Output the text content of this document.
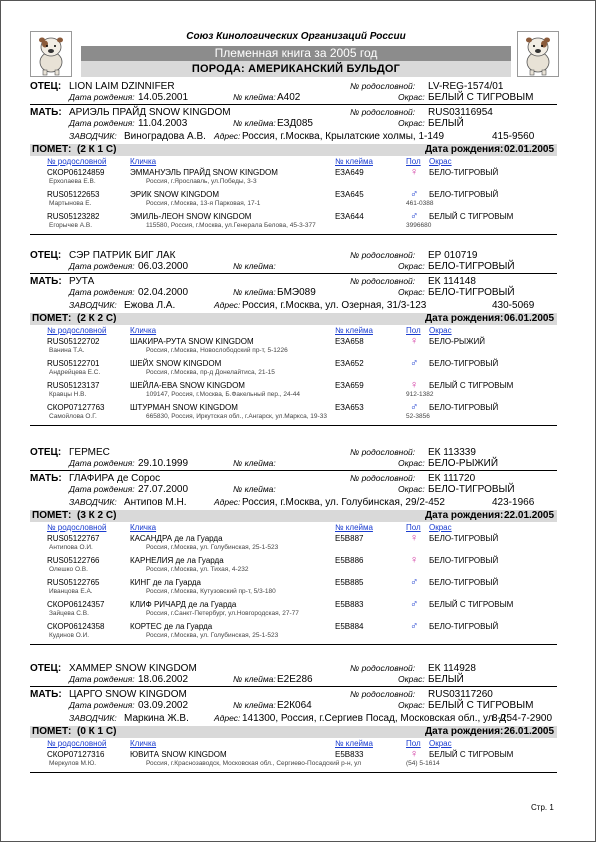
Союз Кинологических Организаций России
Племенная книга за 2005 год
ПОРОДА: АМЕРИКАНСКИЙ БУЛЬДОГ
ОТЕЦ: LION LAIM DZINNIFER	№ родословной: LV-REG-1574/01
Дата рождения: 14.05.2001	№ клейма: A402	Окрас: БЕЛЫЙ С ТИГРОВЫМ
МАТЬ: АРИЭЛЬ ПРАЙД SNOW KINGDOM	№ родословной: RUS03116954
Дата рождения: 11.04.2003	№ клейма: ЕЗД085	Окрас: БЕЛЫЙ
ЗАВОДЧИК: Виноградова А.В. Адрес: Россия, г.Москва, Крылатские холмы, 1-149	415-9560
ПОМЕТ: (2 К 1 С)	Дата рождения: 02.01.2005
№ родословной	Кличка	№ клейма	Пол Окрас
СКОР06124859	ЭММАНУЭЛЬ ПРАЙД SNOW KINGDOM	ЕЗА649	♀ БЕЛО-ТИГРОВЫЙ
Ерхолаева Е.В.	Россия, г.Ярославль, ул.Победы, 3-3
RUS05122653	ЭРИК SNOW KINGDOM	ЕЗА645	♂ БЕЛО-ТИГРОВЫЙ
Мартынова Е.	Россия, г.Москва, 13-я Парковая, 17-1	461-0388
RUS05123282	ЭМИЛЬ-ЛЕОН SNOW KINGDOM	ЕЗА644	♂ БЕЛЫЙ С ТИГРОВЫМ
Егорычев А.В.	115580, Россия, г.Москва, ул.Генерала Белова, 45-3-377	3996680
ОТЕЦ: СЭР ПАТРИК БИГ ЛАК	№ родословной: ЕР 010719
Дата рождения: 06.03.2000	№ клейма:	Окрас: БЕЛО-ТИГРОВЫЙ
МАТЬ: РУТА	№ родословной: ЕК 114148
Дата рождения: 02.04.2000	№ клейма: БМЭ089	Окрас: БЕЛО-ТИГРОВЫЙ
ЗАВОДЧИК: Ежова Л.А.	Адрес: Россия, г.Москва, ул. Озерная, 31/3-123	430-5069
ПОМЕТ: (2 К 2 С)	Дата рождения: 06.01.2005
№ родословной	Кличка	№ клейма	Пол Окрас
RUS05122702	ШАКИРА-РУТА SNOW KINGDOM	ЕЗА658	♀ БЕЛО-РЫЖИЙ
Ванина Т.А.	Россия, г.Москва, Новослободский пр-т, 5-1226
RUS05122701	ШЕЙХ SNOW KINGDOM	ЕЗА652	♂ БЕЛО-ТИГРОВЫЙ
Андрейцева Е.С.	Россия, г.Москва, пр-д Донелайтиса, 21-15
RUS05123137	ШЕЙЛА-ЕВА SNOW KINGDOM	ЕЗА659	♀ БЕЛЫЙ С ТИГРОВЫМ
Кравцы Н.В.	109147, Россия, г.Москва, Б.Факельный пер., 24-44	912-1382
СКОР07127763	ШТУРМАН SNOW KINGDOM	ЕЗА653	♂ БЕЛО-ТИГРОВЫЙ
Самойлова О.Г.	665830, Россия, Иркутская обл., г.Ангарск, ул.Маркса, 19-33	52-3856
ОТЕЦ: ГЕРМЕС	№ родословной: ЕК 113339
Дата рождения: 29.10.1999	№ клейма:	Окрас: БЕЛО-РЫЖИЙ
МАТЬ: ГЛАФИРА де Сорос	№ родословной: ЕК 111720
Дата рождения: 27.07.2000	№ клейма:	Окрас: БЕЛО-ТИГРОВЫЙ
ЗАВОДЧИК: Антипов М.Н.	Адрес: Россия, г.Москва, ул. Голубинская, 29/2-452	423-1966
ПОМЕТ: (3 К 2 С)	Дата рождения: 22.01.2005
№ родословной	Кличка	№ клейма	Пол Окрас
RUS05122767	КАСАНДРА де ла Гуарда	Е5В887	♀ БЕЛО-ТИГРОВЫЙ
Антипова О.И.	Россия, г.Москва, ул. Голубинская, 25-1-523
RUS05122766	КАРНЕЛИЯ де ла Гуарда	Е5В886	♀ БЕЛО-ТИГРОВЫЙ
Олешко О.В.	Россия, г.Москва, ул. Тихая, 4-232
RUS05122765	КИНГ де ла Гуарда	Е5В885	♂ БЕЛО-ТИГРОВЫЙ
Иванцова Е.А.	Россия, г.Москва, Кутузовский пр-т, 5/3-180
СКОР06124357	КЛИФ РИЧАРД де ла Гуарда	Е5В883	♂ БЕЛЫЙ С ТИГРОВЫМ
Зайцева С.В.	Россия, г.Санкт-Петербург, ул.Новгородская, 27-77
СКОР06124358	КОРТЕС де ла Гуарда	Е5В884	♂ БЕЛО-ТИГРОВЫЙ
Кудинов О.И.	Россия, г.Москва, ул. Голубинская, 25-1-523
ОТЕЦ: ХАММЕР SNOW KINGDOM	№ родословной: ЕК 114928
Дата рождения: 18.06.2002	№ клейма: Е2Е286	Окрас: БЕЛЫЙ
МАТЬ: ЦАРГО SNOW KINGDOM	№ родословной: RUS03117260
Дата рождения: 03.09.2002	№ клейма: Е2К064	Окрас: БЕЛЫЙ С ТИГРОВЫМ
ЗАВОДЧИК: Маркина Ж.В.	Адрес: 141300, Россия, г.Сергиев Посад, Московская обл., ул. Д
8-254-7-2900
ПОМЕТ: (0 К 1 С)	Дата рождения: 26.01.2005
№ родословной	Кличка	№ клейма	Пол Окрас
СКОР07127316	ЮВИТА SNOW KINGDOM	Е5В833	♀ БЕЛЫЙ С ТИГРОВЫМ
Меркулов М.Ю.	Россия, г.Краснозаводск, Московская обл., Сергиево-Посадский р-н, ул	(54) 5-1614
Стр. 1
